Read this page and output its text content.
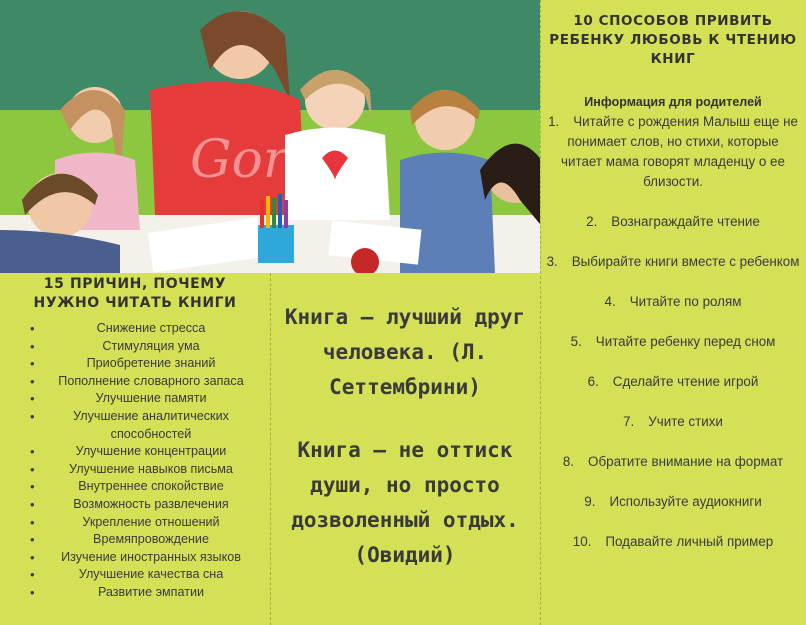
Gora
15 ПРИЧИН, ПОЧЕМУ
НУЖНО ЧИТАТЬ КНИГИ
• Снижение стресса
• Стимуляция ума
• Приобретение знаний
• Пополнение словарного запаса
• Улучшение памяти
• Улучшение аналитических способностей
• Улучшение концентрации
• Улучшение навыков письма
• Внутреннее спокойствие
• Возможность развлечения
• Укрепление отношений
• Времяпровождение
• Изучение иностранных языков
• Улучшение качества сна
• Развитие эмпатии
Книга — лучший друг человека. (Л. Сеттембрини)
Книга — не оттиск души, но просто дозволенный отдых. (Овидий)
10 СПОСОБОВ ПРИВИТЬ РЕБЕНКУ ЛЮБОВЬ К ЧТЕНИЮ КНИГ
Информация для родителей
1. Читайте с рождения Малыш еще не понимает слов, но стихи, которые читает мама говорят младенцу о ее близости.
2. Вознаграждайте чтение
3. Выбирайте книги вместе с ребенком
4. Читайте по ролям
5. Читайте ребенку перед сном
6. Сделайте чтение игрой
7. Учите стихи
8. Обратите внимание на формат
9. Используйте аудиокниги
10. Подавайте личный пример
